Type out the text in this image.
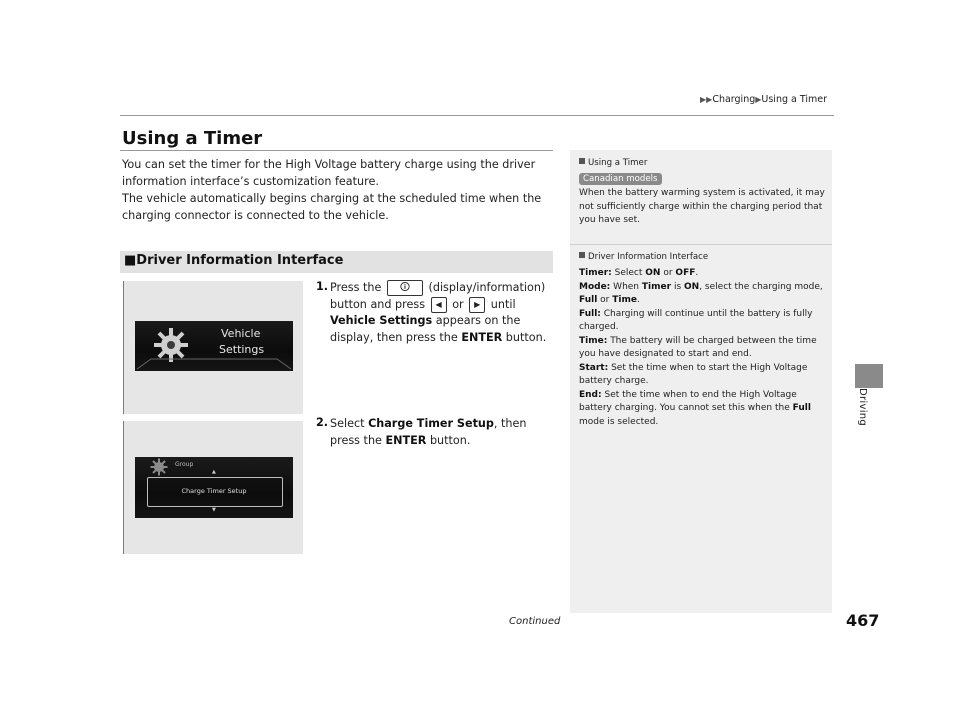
▶▶Charging▶Using a Timer
Driving
Using a Timer

You can set the timer for the High Voltage battery charge using the driver information interface’s customization feature.

The vehicle automatically begins charging at the scheduled time when the charging connector is connected to the vehicle.

■Driver Information Interface
Vehicle
Settings
Group
▲
Charge Timer Setup
▼
1. Press the 🛈 (display/information) button and press ◀ or ▶ until Vehicle Settings appears on the display, then press the ENTER button.
2. Select Charge Timer Setup, then press the ENTER button.
Using a Timer
Canadian models
When the battery warming system is activated, it may not sufficiently charge within the charging period that you have set.
Driver Information Interface

Timer: Select ON or OFF.

Mode: When Timer is ON, select the charging mode, Full or Time.

Full: Charging will continue until the battery is fully charged.

Time: The battery will be charged between the time you have designated to start and end.

Start: Set the time when to start the High Voltage battery charge.

End: Set the time when to end the High Voltage battery charging. You cannot set this when the Full mode is selected.

Continued	467
